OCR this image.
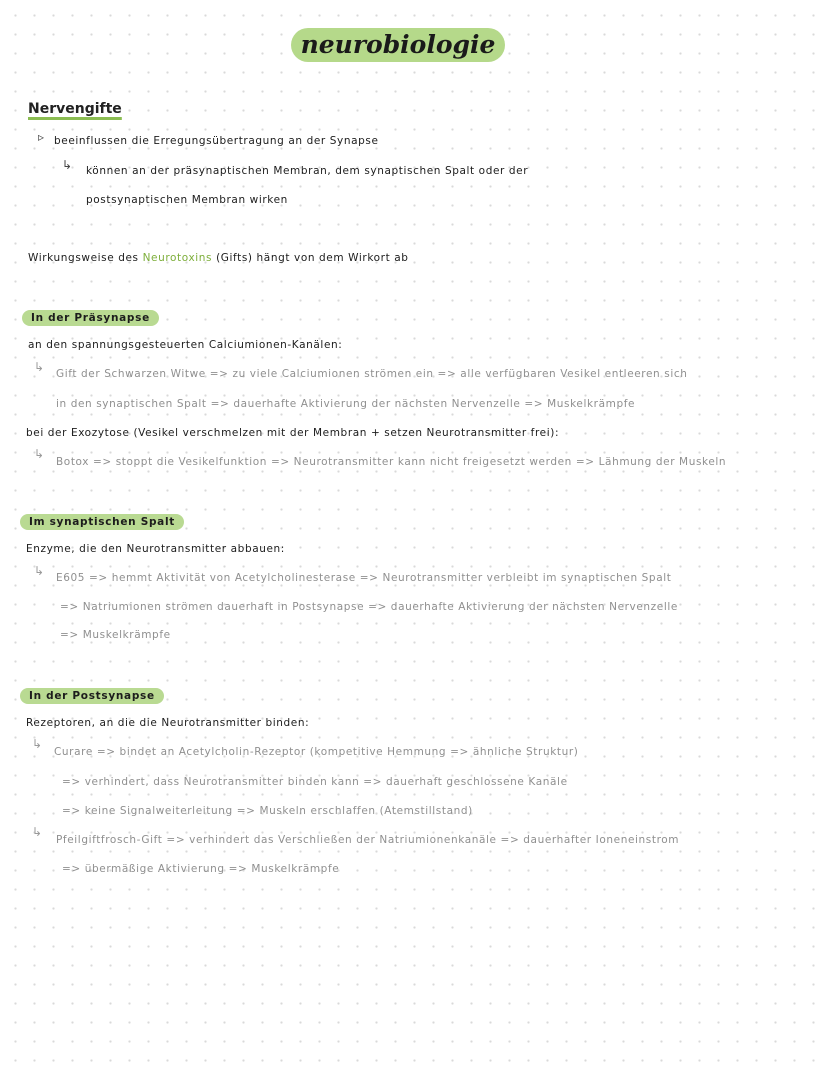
neurobiologie
Nervengifte
▹ beeinflussen die Erregungsübertragung an der Synapse
↳ können an der präsynaptischen Membran, dem synaptischen Spalt oder der
postsynaptischen Membran wirken
Wirkungsweise des Neurotoxins (Gifts) hängt von dem Wirkort ab
In der Präsynapse
an den spannungsgesteuerten Calciumionen-Kanälen:
↳ Gift der Schwarzen Witwe => zu viele Calciumionen strömen ein => alle verfügbaren Vesikel entleeren sich
in den synaptischen Spalt => dauerhafte Aktivierung der nächsten Nervenzelle => Muskelkrämpfe
bei der Exozytose (Vesikel verschmelzen mit der Membran + setzen Neurotransmitter frei):
↳
Botox => stoppt die Vesikelfunktion => Neurotransmitter kann nicht freigesetzt werden => Lähmung der Muskeln
Im synaptischen Spalt
Enzyme, die den Neurotransmitter abbauen:
↳ E605 => hemmt Aktivität von Acetylcholinesterase => Neurotransmitter verbleibt im synaptischen Spalt
=> Natriumionen strömen dauerhaft in Postsynapse => dauerhafte Aktivierung der nächsten Nervenzelle
=> Muskelkrämpfe
In der Postsynapse
Rezeptoren, an die die Neurotransmitter binden:
↳
Curare => bindet an Acetylcholin-Rezeptor (kompetitive Hemmung => ähnliche Struktur)
=> verhindert, dass Neurotransmitter binden kann => dauerhaft geschlossene Kanäle
=> keine Signalweiterleitung => Muskeln erschlaffen (Atemstillstand)
↳
Pfeilgiftfrosch-Gift => verhindert das Verschließen der Natriumionenkanäle => dauerhafter Ioneneinstrom
=> übermäßige Aktivierung => Muskelkrämpfe
